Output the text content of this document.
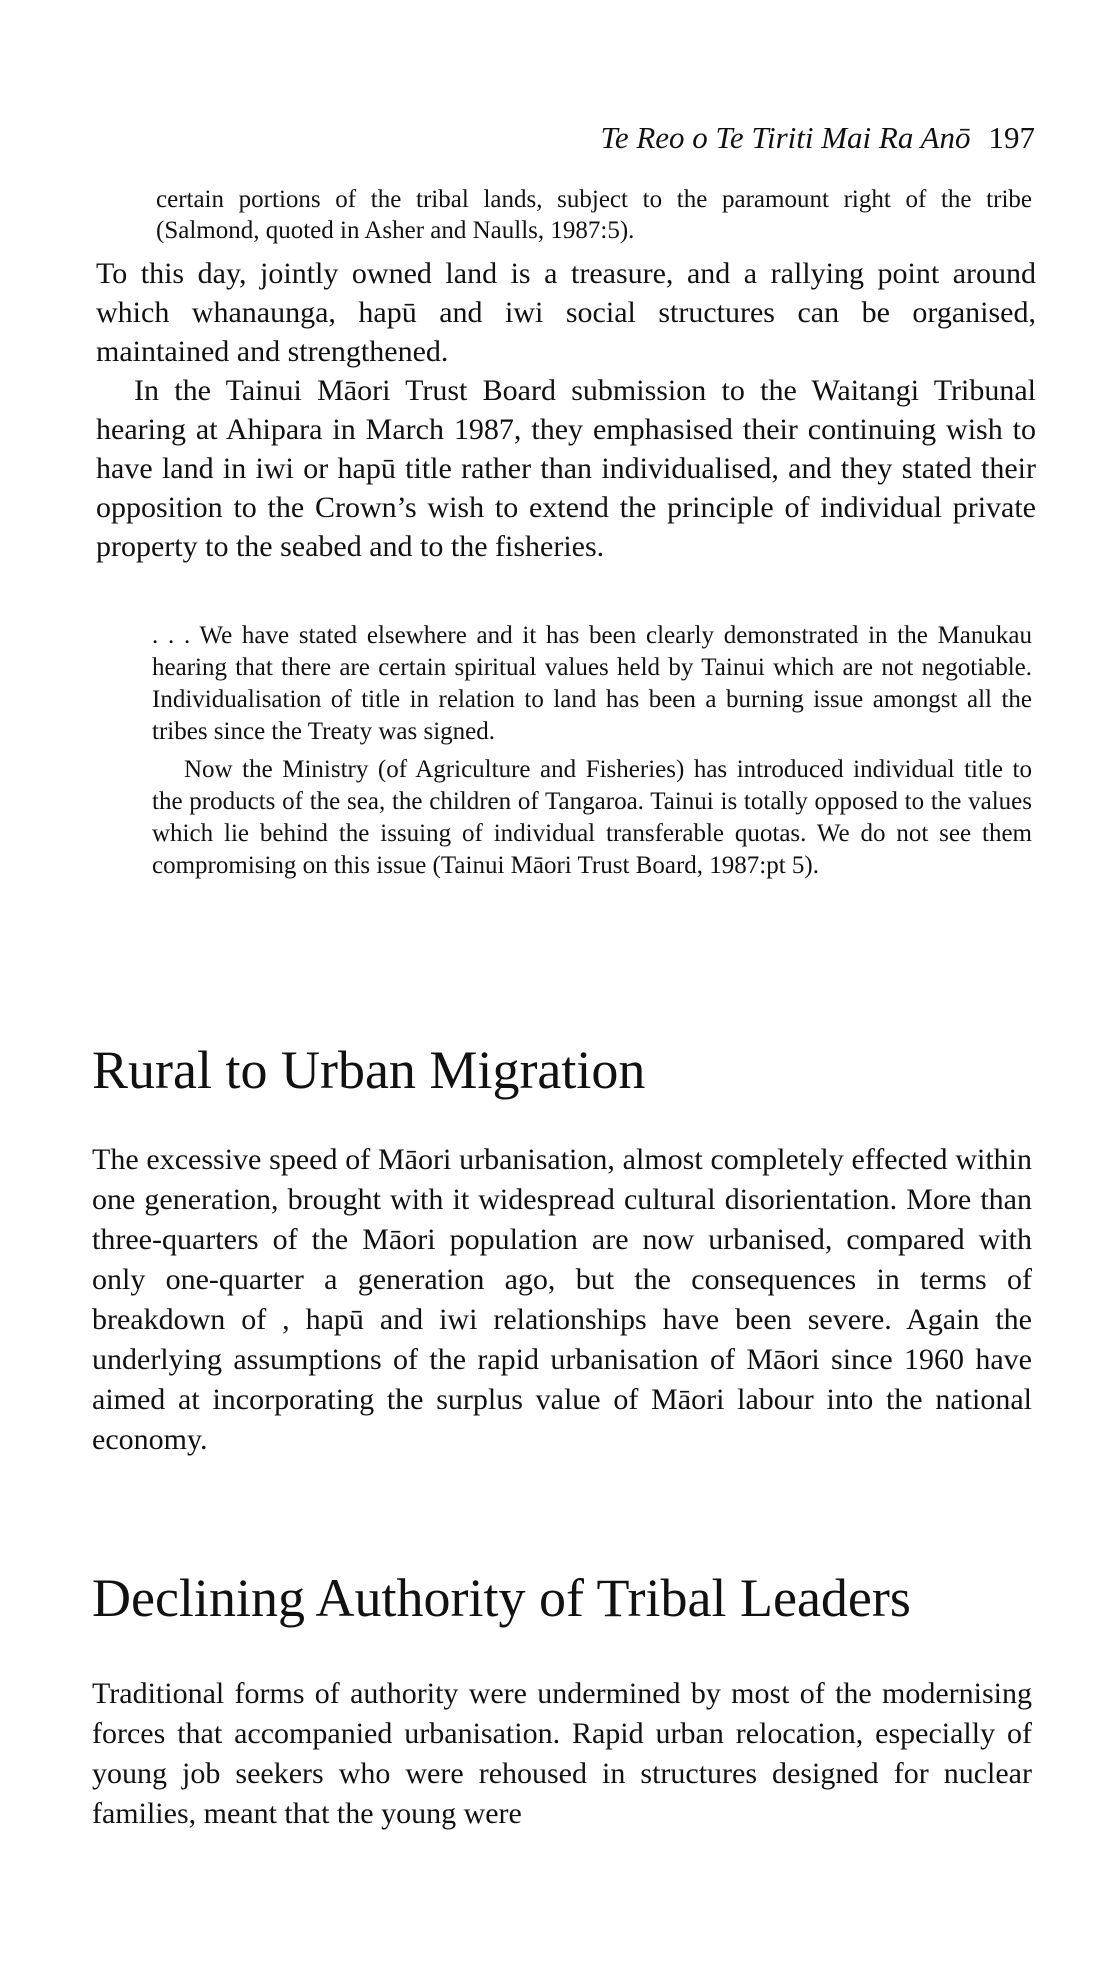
Te Reo o Te Tiriti Mai Ra Anō 197

certain portions of the tribal lands, subject to the paramount right of the tribe (Salmond, quoted in Asher and Naulls, 1987:5).

To this day, jointly owned land is a treasure, and a rallying point around which whanaunga, hapū and iwi social structures can be organised, maintained and strengthened.

In the Tainui Māori Trust Board submission to the Waitangi Tribunal hearing at Ahipara in March 1987, they emphasised their continuing wish to have land in iwi or hapū title rather than individualised, and they stated their opposition to the Crown’s wish to extend the principle of individual private property to the seabed and to the fisheries.

. . . We have stated elsewhere and it has been clearly demonstrated in the Manukau hearing that there are certain spiritual values held by Tainui which are not negotiable. Individualisation of title in relation to land has been a burning issue amongst all the tribes since the Treaty was signed.

Now the Ministry (of Agriculture and Fisheries) has introduced individual title to the products of the sea, the children of Tangaroa. Tainui is totally opposed to the values which lie behind the issuing of individual transferable quotas. We do not see them compromising on this issue (Tainui Māori Trust Board, 1987:pt 5).

Rural to Urban Migration

The excessive speed of Māori urbanisation, almost completely effected within one generation, brought with it widespread cultural disorientation. More than three-quarters of the Māori population are now urbanised, compared with only one-quarter a generation ago, but the consequences in terms of breakdown of , hapū and iwi relationships have been severe. Again the underlying assumptions of the rapid urbanisation of Māori since 1960 have aimed at incorporating the surplus value of Māori labour into the national economy.

Declining Authority of Tribal Leaders

Traditional forms of authority were undermined by most of the modernising forces that accompanied urbanisation. Rapid urban relocation, especially of young job seekers who were rehoused in structures designed for nuclear families, meant that the young were
